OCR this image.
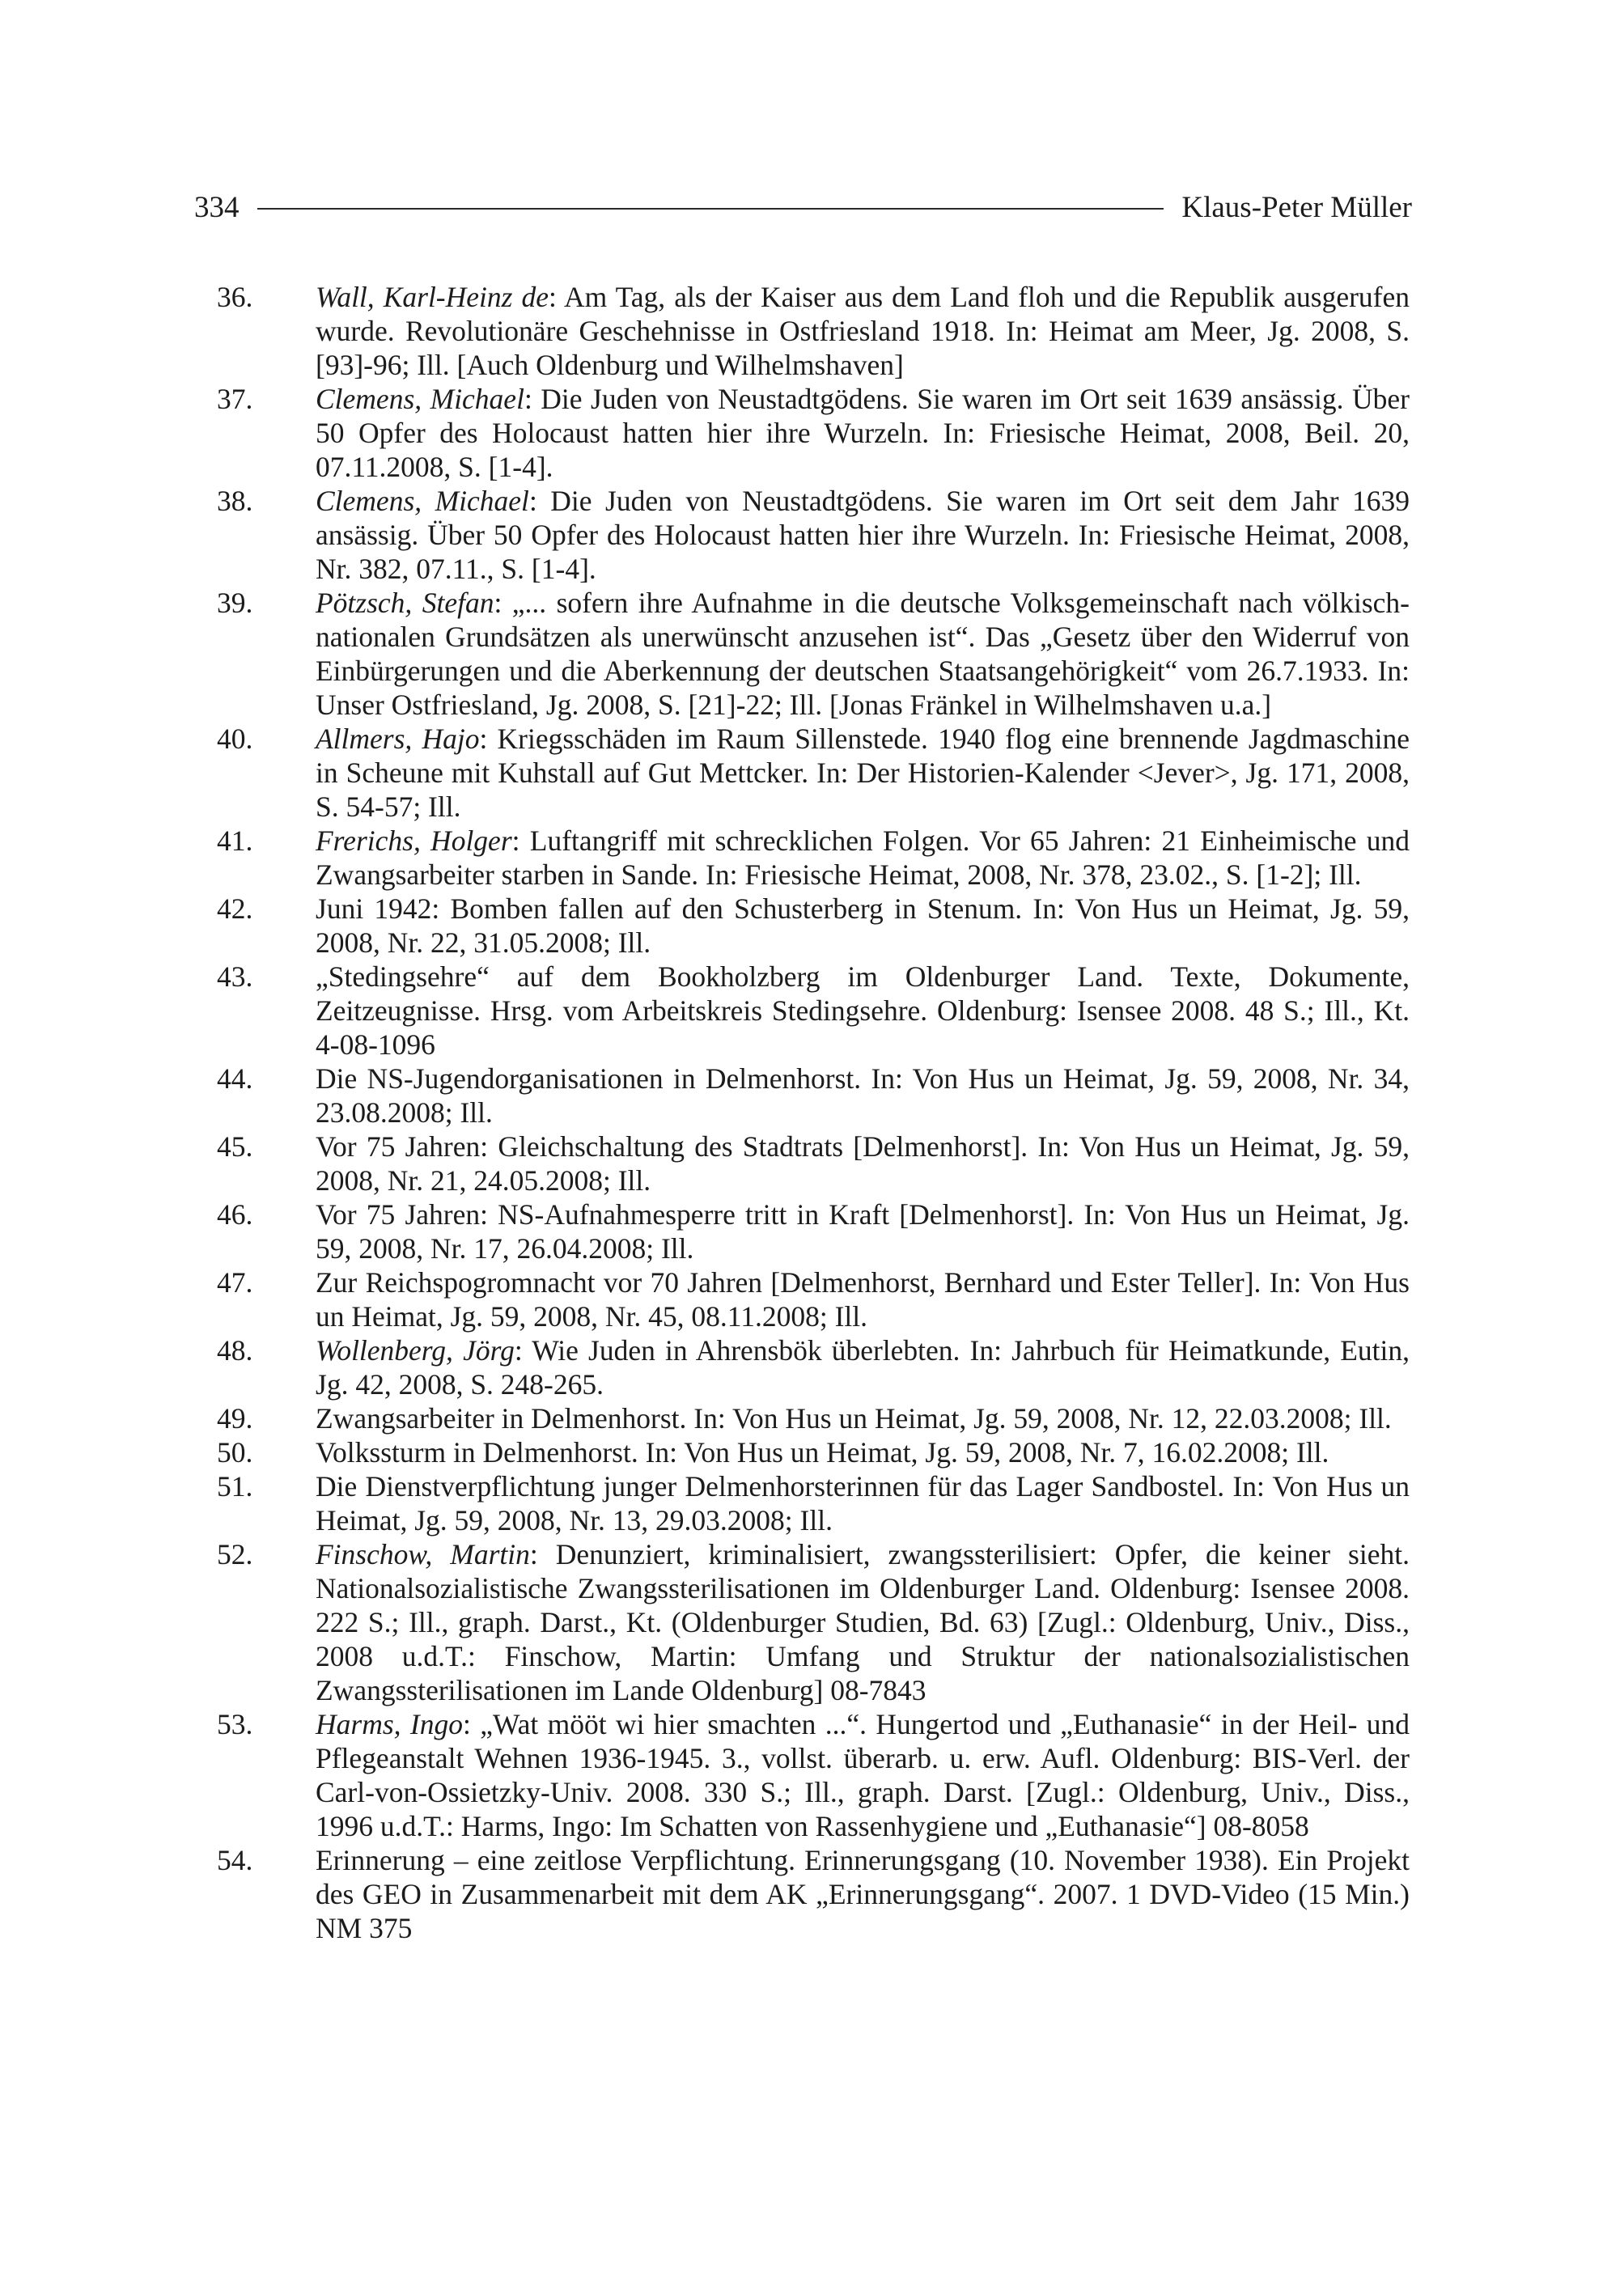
334	Klaus-Peter Müller
36. Wall, Karl-Heinz de : Am Tag, als der Kaiser aus dem Land floh und die Republik ausgerufen wurde. Revolutionäre Geschehnisse in Ostfriesland 1918. In: Heimat am Meer, Jg. 2008, S. [93]-96; Ill. [Auch Oldenburg und Wilhelmshaven]
37. Clemens, Michael : Die Juden von Neustadtgödens. Sie waren im Ort seit 1639 ansässig. Über 50 Opfer des Holocaust hatten hier ihre Wurzeln. In: Friesische Heimat, 2008, Beil. 20, 07.11.2008, S. [1-4].
38. Clemens, Michael : Die Juden von Neustadtgödens. Sie waren im Ort seit dem Jahr 1639 ansässig. Über 50 Opfer des Holocaust hatten hier ihre Wurzeln. In: Friesische Heimat, 2008, Nr. 382, 07.11., S. [1-4].
39. Pötzsch, Stefan : „... sofern ihre Aufnahme in die deutsche Volksgemeinschaft nach völkisch-nationalen Grundsätzen als unerwünscht anzusehen ist“. Das „Gesetz über den Widerruf von Einbürgerungen und die Aberkennung der deutschen Staatsangehörigkeit“ vom 26.7.1933. In: Unser Ostfriesland, Jg. 2008, S. [21]-22; Ill. [Jonas Fränkel in Wilhelmshaven u.a.]
40. Allmers, Hajo : Kriegsschäden im Raum Sillenstede. 1940 flog eine brennende Jagdmaschine in Scheune mit Kuhstall auf Gut Mettcker. In: Der Historien-Kalender <Jever>, Jg. 171, 2008, S. 54-57; Ill.
41. Frerichs, Holger : Luftangriff mit schrecklichen Folgen. Vor 65 Jahren: 21 Einheimische und Zwangsarbeiter starben in Sande. In: Friesische Heimat, 2008, Nr. 378, 23.02., S. [1-2]; Ill.
42. Juni 1942: Bomben fallen auf den Schusterberg in Stenum. In: Von Hus un Heimat, Jg. 59, 2008, Nr. 22, 31.05.2008; Ill.
43. „Stedingsehre“ auf dem Bookholzberg im Oldenburger Land. Texte, Dokumente, Zeitzeugnisse. Hrsg. vom Arbeitskreis Stedingsehre. Oldenburg: Isensee 2008. 48 S.; Ill., Kt. 4-08-1096
44. Die NS-Jugendorganisationen in Delmenhorst. In: Von Hus un Heimat, Jg. 59, 2008, Nr. 34, 23.08.2008; Ill.
45. Vor 75 Jahren: Gleichschaltung des Stadtrats [Delmenhorst]. In: Von Hus un Heimat, Jg. 59, 2008, Nr. 21, 24.05.2008; Ill.
46. Vor 75 Jahren: NS-Aufnahmesperre tritt in Kraft [Delmenhorst]. In: Von Hus un Heimat, Jg. 59, 2008, Nr. 17, 26.04.2008; Ill.
47. Zur Reichspogromnacht vor 70 Jahren [Delmenhorst, Bernhard und Ester Teller]. In: Von Hus un Heimat, Jg. 59, 2008, Nr. 45, 08.11.2008; Ill.
48. Wollenberg, Jörg : Wie Juden in Ahrensbök überlebten. In: Jahrbuch für Heimatkunde, Eutin, Jg. 42, 2008, S. 248-265.
49. Zwangsarbeiter in Delmenhorst. In: Von Hus un Heimat, Jg. 59, 2008, Nr. 12, 22.03.2008; Ill.
50. Volkssturm in Delmenhorst. In: Von Hus un Heimat, Jg. 59, 2008, Nr. 7, 16.02.2008; Ill.
51. Die Dienstverpflichtung junger Delmenhorsterinnen für das Lager Sandbostel. In: Von Hus un Heimat, Jg. 59, 2008, Nr. 13, 29.03.2008; Ill.
52. Finschow, Martin : Denunziert, kriminalisiert, zwangssterilisiert: Opfer, die keiner sieht. Nationalsozialistische Zwangssterilisationen im Oldenburger Land. Oldenburg: Isensee 2008. 222 S.; Ill., graph. Darst., Kt. (Oldenburger Studien, Bd. 63) [Zugl.: Oldenburg, Univ., Diss., 2008 u.d.T.: Finschow, Martin: Umfang und Struktur der nationalsozialistischen Zwangssterilisationen im Lande Oldenburg] 08-7843
53. Harms, Ingo : „Wat mööt wi hier smachten ...“. Hungertod und „Euthanasie“ in der Heil- und Pflegeanstalt Wehnen 1936-1945. 3., vollst. überarb. u. erw. Aufl. Oldenburg: BIS-Verl. der Carl-von-Ossietzky-Univ. 2008. 330 S.; Ill., graph. Darst. [Zugl.: Oldenburg, Univ., Diss., 1996 u.d.T.: Harms, Ingo: Im Schatten von Rassenhygiene und „Euthanasie“] 08-8058
54. Erinnerung – eine zeitlose Verpflichtung. Erinnerungsgang (10. November 1938). Ein Projekt des GEO in Zusammenarbeit mit dem AK „Erinnerungsgang“. 2007. 1 DVD-Video (15 Min.) NM 375
